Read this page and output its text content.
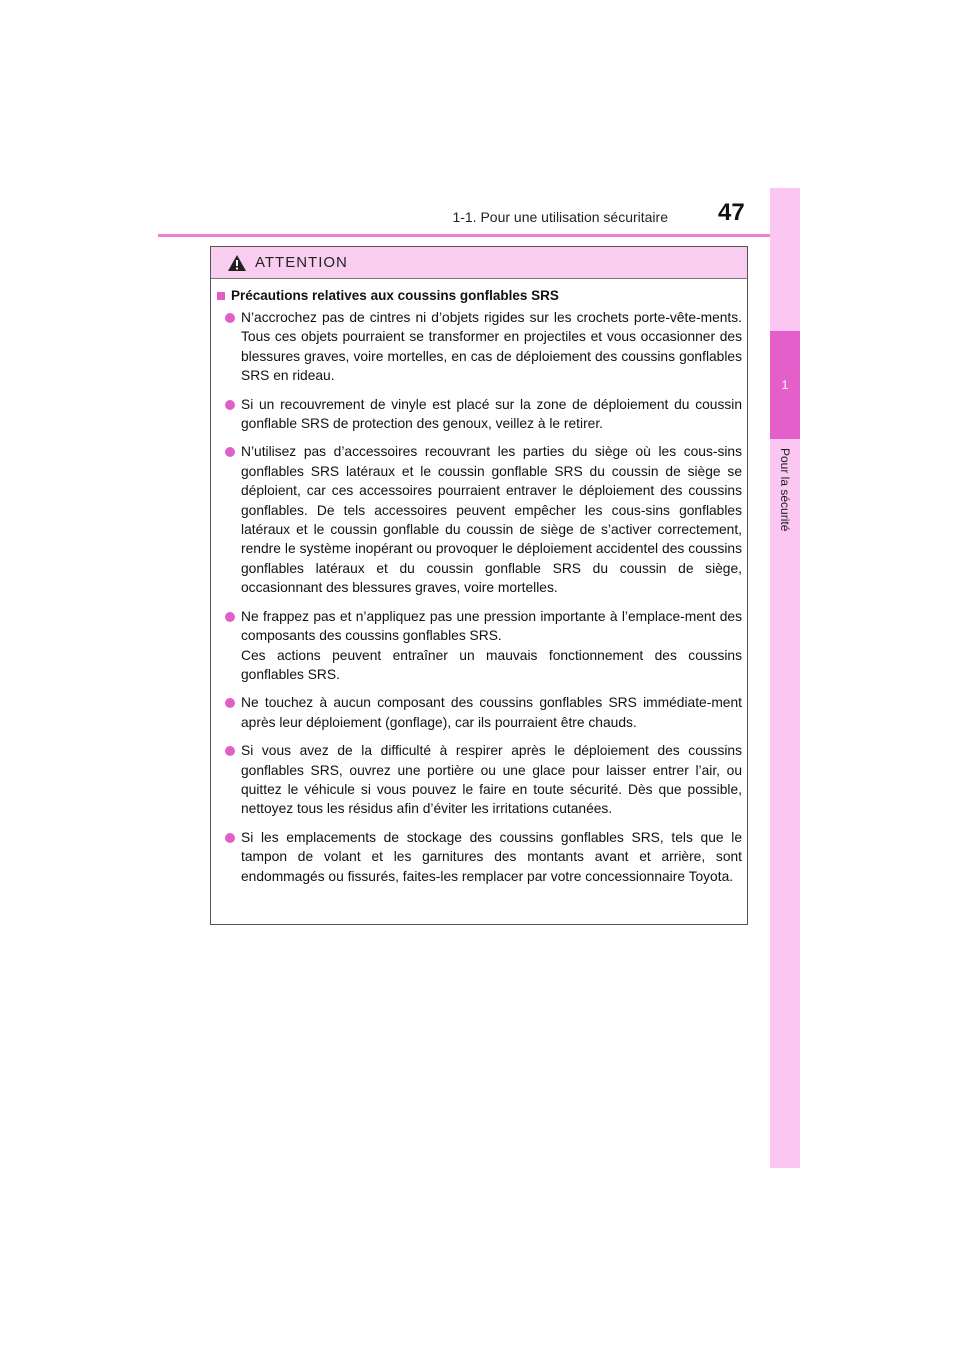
1-1. Pour une utilisation sécuritaire 47
1
Pour la sécurité
ATTENTION
Précautions relatives aux coussins gonflables SRS
N’accrochez pas de cintres ni d’objets rigides sur les crochets porte-vête-ments. Tous ces objets pourraient se transformer en projectiles et vous occasionner des blessures graves, voire mortelles, en cas de déploiement des coussins gonflables SRS en rideau.
Si un recouvrement de vinyle est placé sur la zone de déploiement du coussin gonflable SRS de protection des genoux, veillez à le retirer.
N’utilisez pas d’accessoires recouvrant les parties du siège où les cous-sins gonflables SRS latéraux et le coussin gonflable SRS du coussin de siège se déploient, car ces accessoires pourraient entraver le déploiement des coussins gonflables. De tels accessoires peuvent empêcher les cous-sins gonflables latéraux et le coussin gonflable du coussin de siège de s’activer correctement, rendre le système inopérant ou provoquer le déploiement accidentel des coussins gonflables latéraux et du coussin gonflable SRS du coussin de siège, occasionnant des blessures graves, voire mortelles.
Ne frappez pas et n’appliquez pas une pression importante à l’emplace-ment des composants des coussins gonflables SRS.
Ces actions peuvent entraîner un mauvais fonctionnement des coussins gonflables SRS.
Ne touchez à aucun composant des coussins gonflables SRS immédiate-ment après leur déploiement (gonflage), car ils pourraient être chauds.
Si vous avez de la difficulté à respirer après le déploiement des coussins gonflables SRS, ouvrez une portière ou une glace pour laisser entrer l’air, ou quittez le véhicule si vous pouvez le faire en toute sécurité. Dès que possible, nettoyez tous les résidus afin d’éviter les irritations cutanées.
Si les emplacements de stockage des coussins gonflables SRS, tels que le tampon de volant et les garnitures des montants avant et arrière, sont endommagés ou fissurés, faites-les remplacer par votre concessionnaire Toyota.
